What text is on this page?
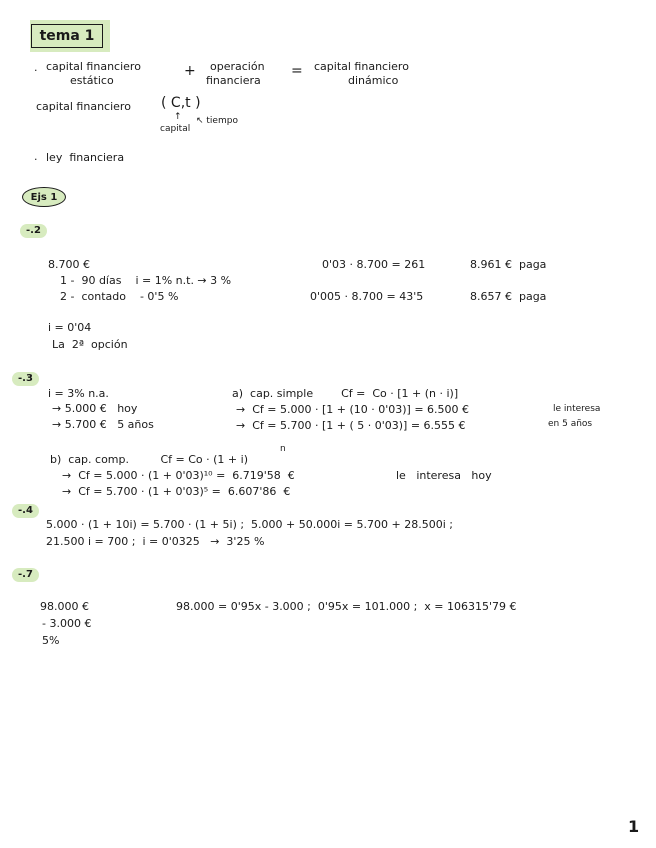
tema 1
· capital financiero
estático
+ operación
financiera
= capital financiero
dinámico
capital financiero ( C,t )
↑
capital
↖ tiempo
· ley  financiera
Ejs 1
-.2
8.700 €
1 -  90 días    i = 1% n.t. → 3 %
2 -  contado    - 0'5 %
0'03 · 8.700 = 261	8.961 €  paga
0'005 · 8.700 = 43'5	8.657 €  paga
i = 0'04
La  2ª  opción
-.3
i = 3% n.a.
→ 5.000 €   hoy
→ 5.700 €   5 años
a)  cap. simple        Cf =  Co · [1 + (n · i)]
→  Cf = 5.000 · [1 + (10 · 0'03)] = 6.500 €	le interesa
→  Cf = 5.700 · [1 + ( 5 · 0'03)] = 6.555 €	en 5 años
b)  cap. comp.         Cf = Co · (1 + i)
n
→  Cf = 5.000 · (1 + 0'03)¹⁰ =  6.719'58  €	le   interesa   hoy
→  Cf = 5.700 · (1 + 0'03)⁵ =  6.607'86  €
-.4
5.000 · (1 + 10i) = 5.700 · (1 + 5i) ;  5.000 + 50.000i = 5.700 + 28.500i ;
21.500 i = 700 ;  i = 0'0325   →  3'25 %
-.7
98.000 €
- 3.000 €
5%
98.000 = 0'95x - 3.000 ;  0'95x = 101.000 ;  x = 106315'79 €
1
